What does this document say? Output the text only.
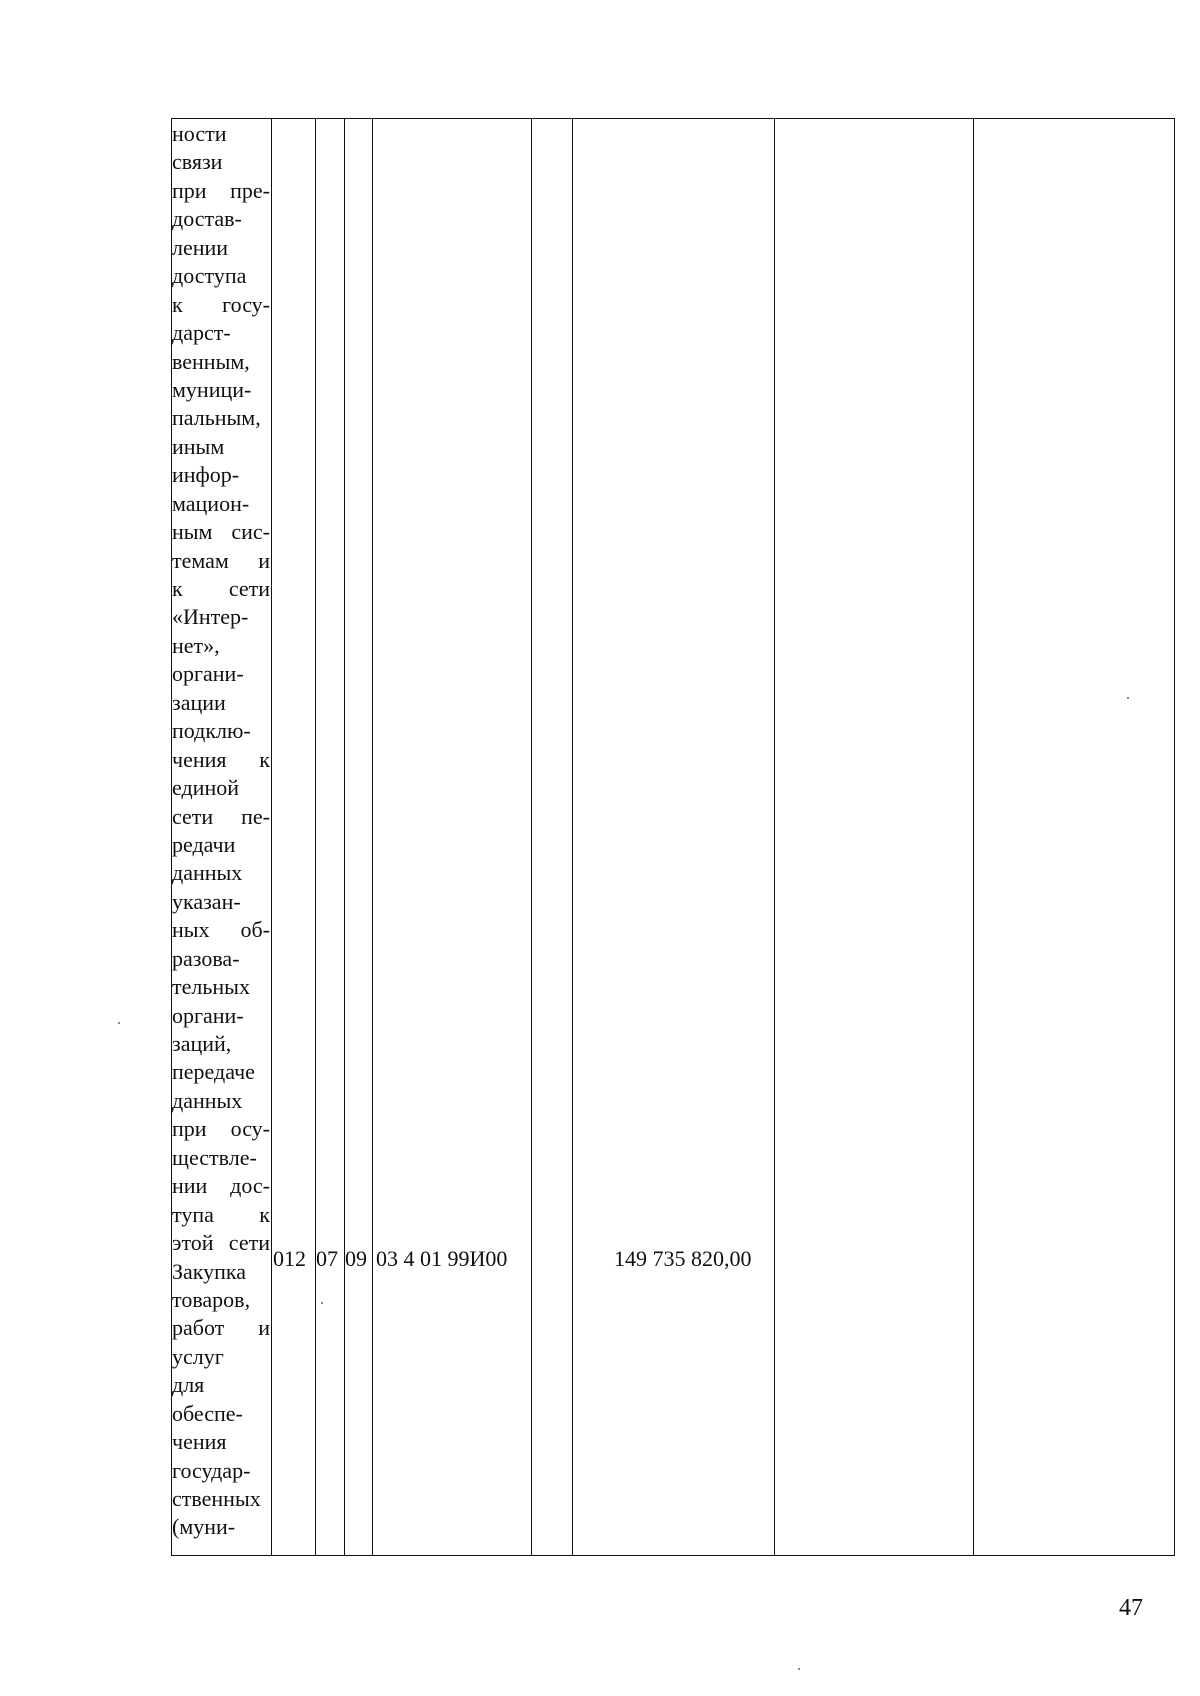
ности
связи
при пре-
достав-
лении
доступа
к госу-
дарст-
венным,
муници-
пальным,
иным
инфор-
мацион-
ным сис-
темам и
к сети
«Интер-
нет»,
органи-
зации
подклю-
чения к
единой
сети пе-
редачи
данных
указан-
ных об-
разова-
тельных
органи-
заций,
передаче
данных
при осу-
ществле-
нии дос-
тупа к
этой сети
Закупка
товаров,
работ и
услуг
для
обеспе-
чения
государ-
ственных
(муни-
012 07 09 03 4 01 99И00	149 735 820,00
47
